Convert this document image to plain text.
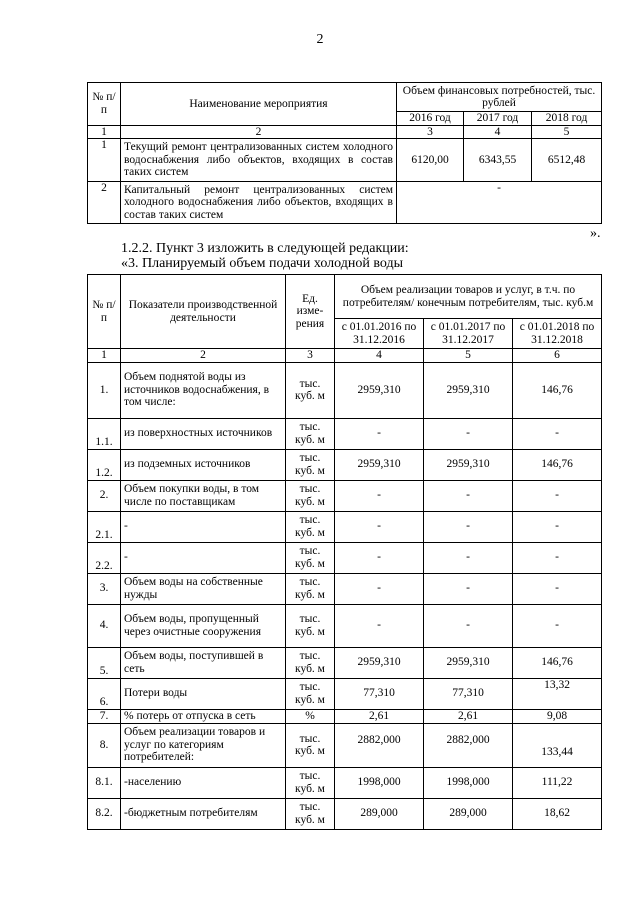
2
№ п/п	Наименование мероприятия	Объем финансовых потребностей, тыс. рублей		
		2016 год	2017 год	2018 год
1	2	3	4	5
1	Текущий ремонт централизованных систем холодного водоснабжения либо объектов, входящих в состав таких систем	6120,00	6343,55	6512,48
2	Капитальный ремонт централизованных систем холодного водоснабжения либо объектов, входящих в состав таких систем	-		
».
1.2.2. Пункт 3 изложить в следующей редакции:
«3. Планируемый объем подачи холодной воды
№ п/п	Показатели производственной деятельности	Ед. изме- рения	Объем реализации товаров и услуг, в т.ч. по потребителям/ конечным потребителям, тыс. куб.м		
			с 01.01.2016 по 31.12.2016	с 01.01.2017 по 31.12.2017	с 01.01.2018 по 31.12.2018
1	2	3	4	5	6
1.	Объем поднятой воды из источников водоснабжения, в том числе:	тыс. куб. м	2959,310	2959,310	146,76
1.1.	из поверхностных источников	тыс. куб. м	-	-	-
1.2.	из подземных источников	тыс. куб. м	2959,310	2959,310	146,76
2.	Объем покупки воды, в том числе по поставщикам	тыс. куб. м	-	-	-
2.1.	-	тыс. куб. м	-	-	-
2.2.	-	тыс. куб. м	-	-	-
3.	Объем воды на собственные нужды	тыс. куб. м	-	-	-
4.	Объем воды, пропущенный через очистные сооружения	тыс. куб. м	-	-	-
5.	Объем воды, поступившей в сеть	тыс. куб. м	2959,310	2959,310	146,76
6.	Потери воды	тыс. куб. м	77,310	77,310	13,32
7.	% потерь от отпуска в сеть	%	2,61	2,61	9,08
8.	Объем реализации товаров и услуг по категориям потребителей:	тыс. куб. м	2882,000	2882,000	133,44
8.1.	-населению	тыс. куб. м	1998,000	1998,000	111,22
8.2.	-бюджетным потребителям	тыс. куб. м	289,000	289,000	18,62
